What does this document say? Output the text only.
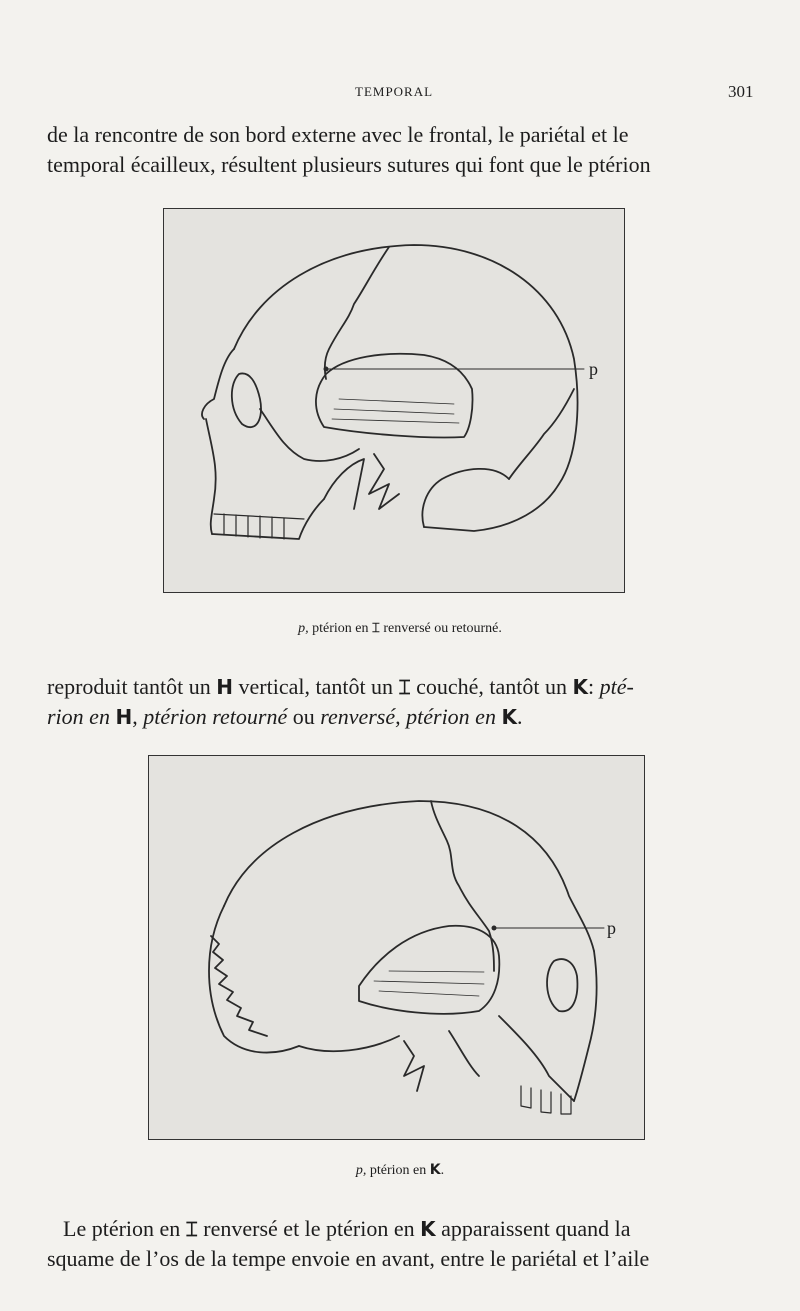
TEMPORAL	301
de la rencontre de son bord externe avec le frontal, le pariétal et le
temporal écailleux, résultent plusieurs sutures qui font que le ptérion
p
p, ptérion en ⌶ renversé ou retourné.
reproduit tantôt un H vertical, tantôt un ⌶ couché, tantôt un K: pté-
rion en H, ptérion retourné ou renversé, ptérion en K.
p
p, ptérion en K.
Le ptérion en ⌶ renversé et le ptérion en K apparaissent quand la
squame de l’os de la tempe envoie en avant, entre le pariétal et l’aile
